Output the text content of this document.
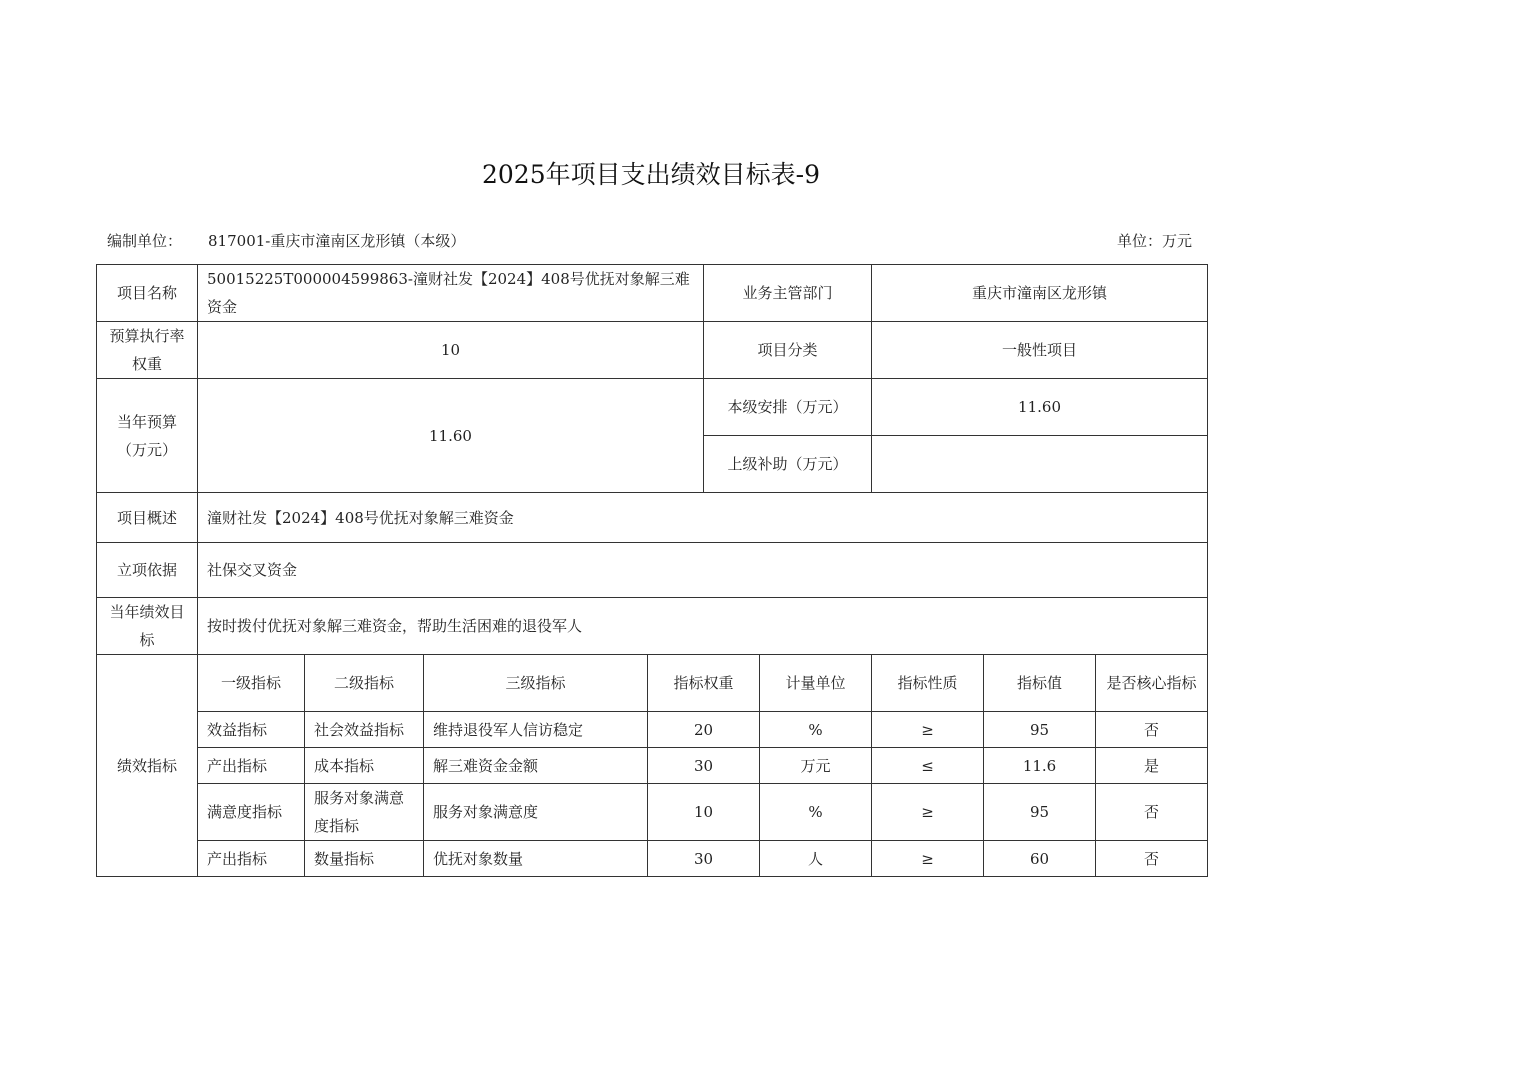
2025年项目支出绩效目标表-9
编制单位： 817001-重庆市潼南区龙形镇（本级）	单位：万元
项目名称	50015225T000004599863-潼财社发【2024】408号优抚对象解三难资金				业务主管部门		重庆市潼南区龙形镇		
预算执行率权重	10				项目分类		一般性项目		
当年预算（万元）	11.60				本级安排（万元）		11.60		
					上级补助（万元）				
项目概述	潼财社发【2024】408号优抚对象解三难资金								
立项依据	社保交叉资金								
当年绩效目标	按时拨付优抚对象解三难资金，帮助生活困难的退役军人								
绩效指标	一级指标	二级指标	三级指标	指标权重		计量单位	指标性质	指标值	是否核心指标
	效益指标	社会效益指标	维持退役军人信访稳定	20		%	≥	95	否
	产出指标	成本指标	解三难资金金额	30		万元	≤	11.6	是
	满意度指标	服务对象满意度指标	服务对象满意度	10		%	≥	95	否
	产出指标	数量指标	优抚对象数量	30		人	≥	60	否
